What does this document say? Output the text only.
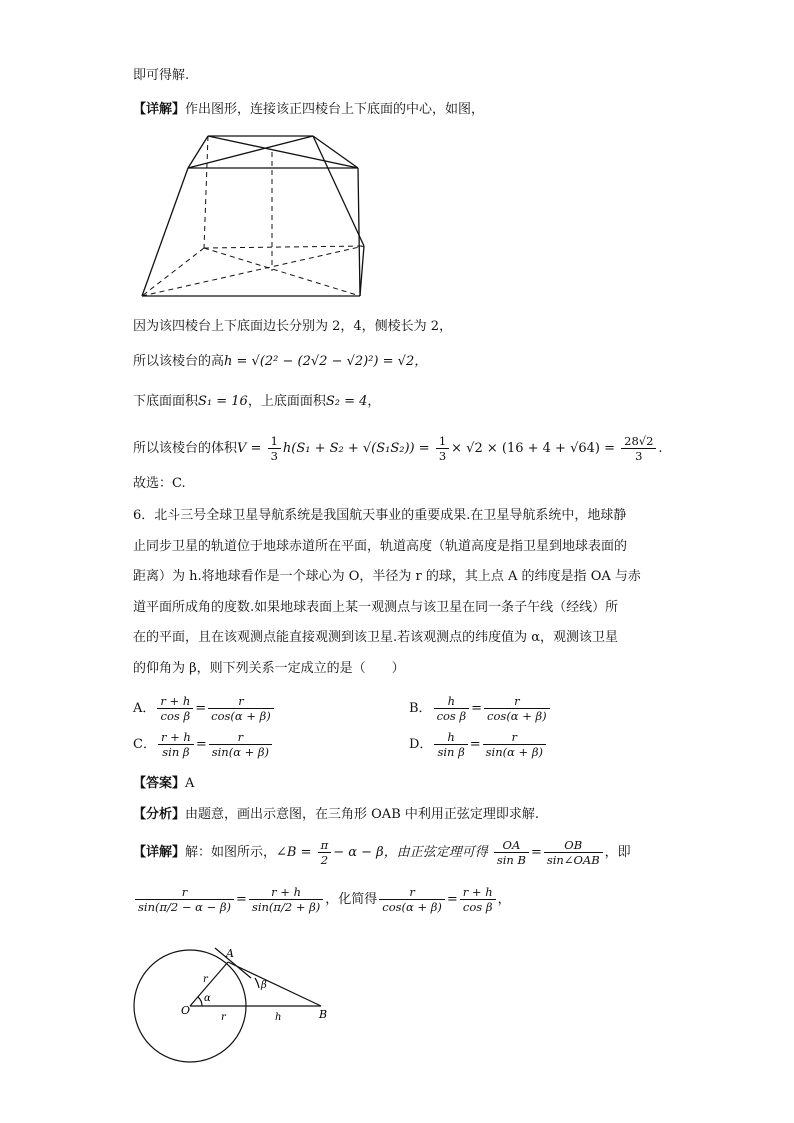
即可得解.
【详解】作出图形，连接该正四棱台上下底面的中心，如图，
因为该四棱台上下底面边长分别为 2，4，侧棱长为 2，
所以该棱台的高h = √(2² − (2√2 − √2)²) = √2，
下底面面积S₁ = 16，上底面面积S₂ = 4，
所以该棱台的体积$V = \frac{1}{3} h(S_1 + S_2 + √(S_1S_2)) = \frac{1}{3} \times √2 \times (16 + 4 + √64) = \frac{28√2}{3}$ .
故选：C.
6．北斗三号全球卫星导航系统是我国航天事业的重要成果.在卫星导航系统中，地球静
止同步卫星的轨道位于地球赤道所在平面，轨道高度（轨道高度是指卫星到地球表面的
距离）为 h.将地球看作是一个球心为 O，半径为 r 的球，其上点 A 的纬度是指 OA 与赤
道平面所成角的度数.如果地球表面上某一观测点与该卫星在同一条子午线（经线）所
在的平面，且在该观测点能直接观测到该卫星.若该观测点的纬度值为 α，观测该卫星
的仰角为 β，则下列关系一定成立的是（　　）
A． $\frac{r + h}{\text{cos β}} = \frac{r}{\cos(\alpha + \beta)}$	B． $\frac{h}{\text{cos β}} = \frac{r}{\cos(\alpha + \beta)}$
C． $\frac{r + h}{\text{sin β}} = \frac{r}{\sin(\alpha + \beta)}$	D． $\frac{h}{\text{sin β}} = \frac{r}{\sin(\alpha + \beta)}$
【答案】A
【分析】由题意，画出示意图，在三角形 OAB 中利用正弦定理即求解.
【详解】解：如图所示，∠B = $\frac{\pi}{2} - \alpha - \beta$，由正弦定理可得 $\frac{OA}{\text{sin B}} = \frac{OB}{\text{sin∠OAB}}$ ，即
$\frac{r}{\sin(\pi/2 - \alpha - \beta)} = \frac{r + h}{\sin(\pi/2 + \beta)}$ ，化简得 $\frac{r}{\cos(\alpha + \beta)} = \frac{r + h}{\text{cos β}}$ ，
A
O	B
r
r	h
α
β
